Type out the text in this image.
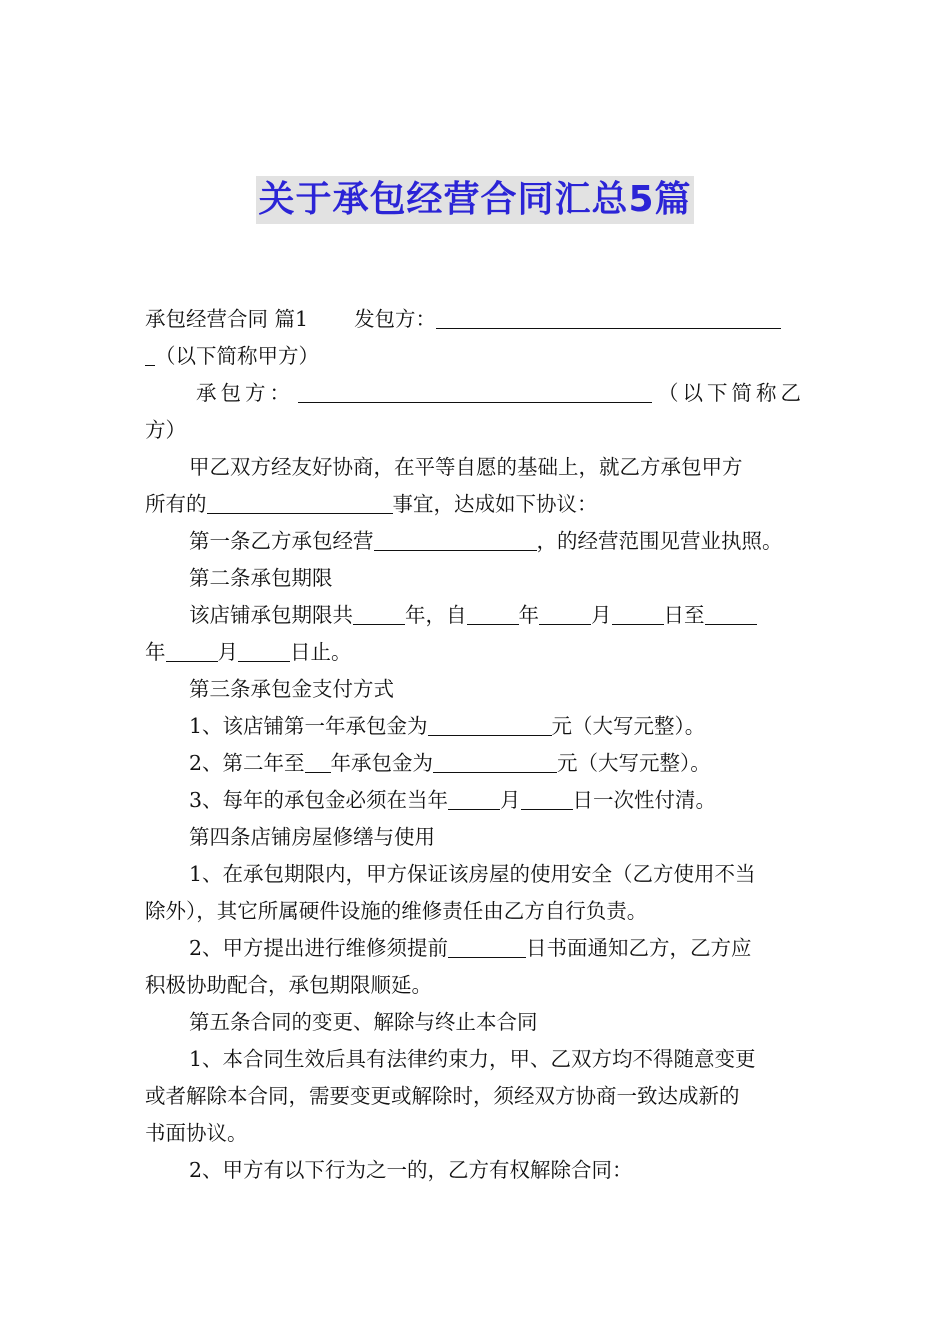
关于承包经营合同汇总5篇
承包经营合同 篇1 发包方：
（以下简称甲方）
承包方：	（以下简称乙
方）
甲乙双方经友好协商，在平等自愿的基础上，就乙方承包甲方
所有的	事宜，达成如下协议：
第一条乙方承包经营	，的经营范围见营业执照。
第二条承包期限
该店铺承包期限共	年，自	年	月	日至
年	月	日止。
第三条承包金支付方式
1、该店铺第一年承包金为	元（大写元整）。
2、第二年至 年承包金为	元（大写元整）。
3、每年的承包金必须在当年	月	日一次性付清。
第四条店铺房屋修缮与使用
1、在承包期限内，甲方保证该房屋的使用安全（乙方使用不当
除外），其它所属硬件设施的维修责任由乙方自行负责。
2、甲方提出进行维修须提前	日书面通知乙方，乙方应
积极协助配合，承包期限顺延。
第五条合同的变更、解除与终止本合同
1、本合同生效后具有法律约束力，甲、乙双方均不得随意变更
或者解除本合同，需要变更或解除时，须经双方协商一致达成新的
书面协议。
2、甲方有以下行为之一的，乙方有权解除合同：
